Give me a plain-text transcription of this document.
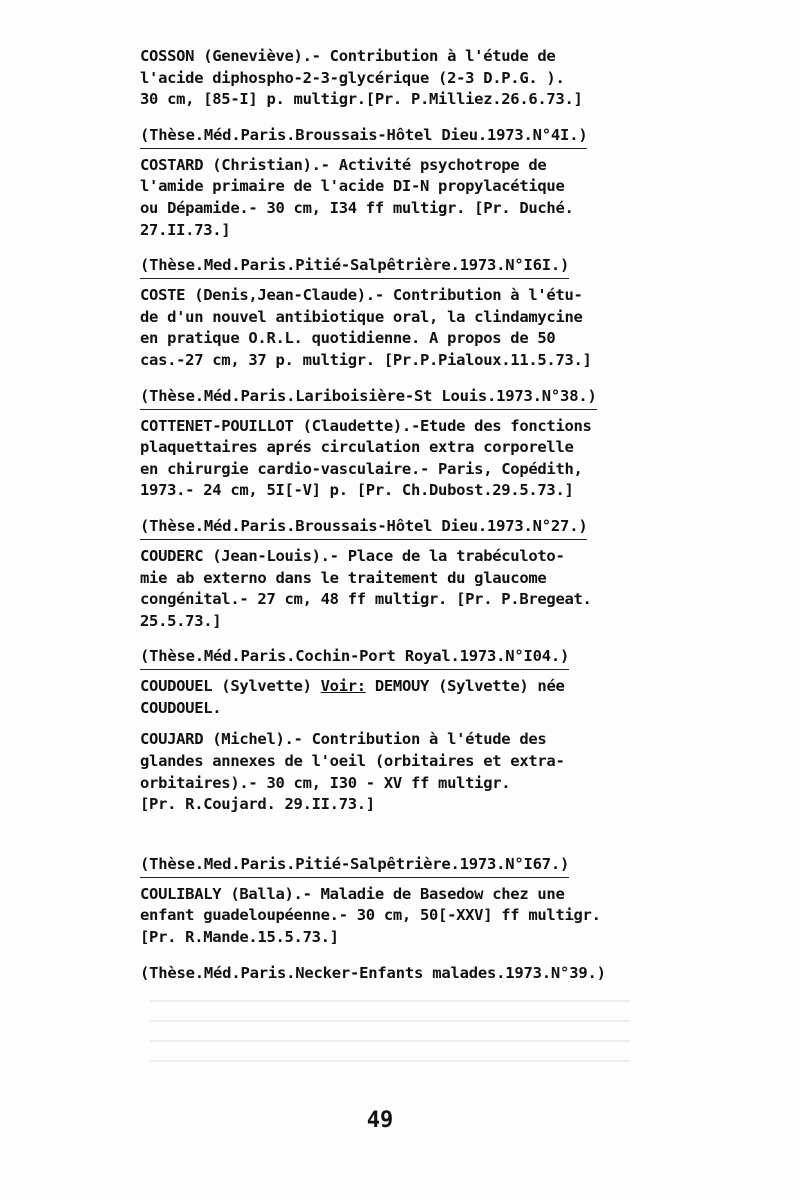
COSSON (Geneviève).- Contribution à l'étude de
l'acide diphospho-2-3-glycérique (2-3 D.P.G. ).
30 cm, [85-I] p. multigr.[Pr. P.Milliez.26.6.73.]
(Thèse.Méd.Paris.Broussais-Hôtel Dieu.1973.N°4I.)
COSTARD (Christian).- Activité psychotrope de
l'amide primaire de l'acide DI-N propylacétique
ou Dépamide.- 30 cm, I34 ff multigr. [Pr. Duché.
27.II.73.]
(Thèse.Med.Paris.Pitié-Salpêtrière.1973.N°I6I.)
COSTE (Denis,Jean-Claude).- Contribution à l'étu-
de d'un nouvel antibiotique oral, la clindamycine
en pratique O.R.L. quotidienne. A propos de 50
cas.-27 cm, 37 p. multigr. [Pr.P.Pialoux.11.5.73.]
(Thèse.Méd.Paris.Lariboisière-St Louis.1973.N°38.)
COTTENET-POUILLOT (Claudette).-Etude des fonctions
plaquettaires aprés circulation extra corporelle
en chirurgie cardio-vasculaire.- Paris, Copédith,
1973.- 24 cm, 5I[-V] p. [Pr. Ch.Dubost.29.5.73.]
(Thèse.Méd.Paris.Broussais-Hôtel Dieu.1973.N°27.)
COUDERC (Jean-Louis).- Place de la trabéculoto-
mie ab externo dans le traitement du glaucome
congénital.- 27 cm, 48 ff multigr. [Pr. P.Bregeat.
25.5.73.]
(Thèse.Méd.Paris.Cochin-Port Royal.1973.N°I04.)
COUDOUEL (Sylvette) Voir: DEMOUY (Sylvette) née
COUDOUEL.
COUJARD (Michel).- Contribution à l'étude des
glandes annexes de l'oeil (orbitaires et extra-
orbitaires).- 30 cm, I30 - XV ff multigr.
[Pr. R.Coujard. 29.II.73.]
(Thèse.Med.Paris.Pitié-Salpêtrière.1973.N°I67.)
COULIBALY (Balla).- Maladie de Basedow chez une
enfant guadeloupéenne.- 30 cm, 50[-XXV] ff multigr.
[Pr. R.Mande.15.5.73.]
(Thèse.Méd.Paris.Necker-Enfants malades.1973.N°39.)
49
